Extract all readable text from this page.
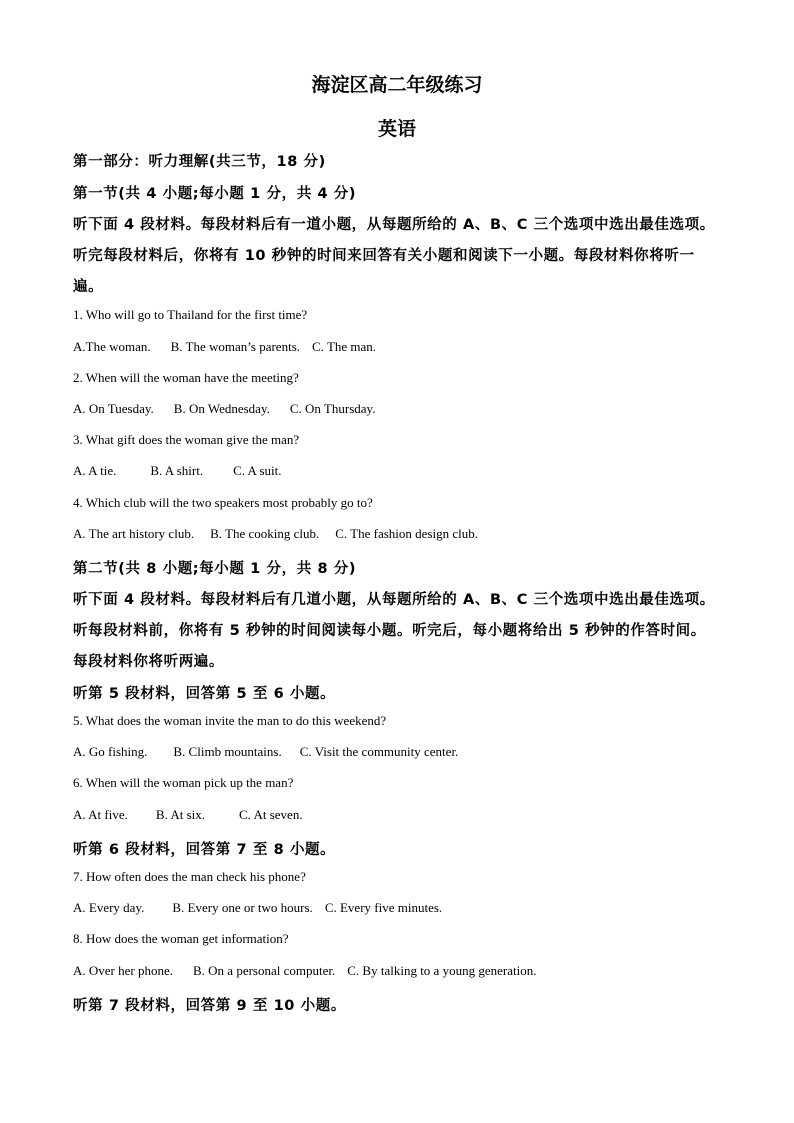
海淀区高二年级练习
英语
第一部分：听力理解(共三节，18 分)
第一节(共 4 小题;每小题 1 分，共 4 分)
听下面 4 段材料。每段材料后有一道小题，从每题所给的 A、B、C 三个选项中选出最佳选项。
听完每段材料后，你将有 10 秒钟的时间来回答有关小题和阅读下一小题。每段材料你将听一
遍。
1. Who will go to Thailand for the first time?
A.The woman. B. The woman’s parents. C. The man.
2. When will the woman have the meeting?
A. On Tuesday. B. On Wednesday. C. On Thursday.
3. What gift does the woman give the man?
A. A tie.	B. A shirt. C. A suit.
4. Which club will the two speakers most probably go to?
A. The art history club. B. The cooking club. C. The fashion design club.
第二节(共 8 小题;每小题 1 分，共 8 分)
听下面 4 段材料。每段材料后有几道小题，从每题所给的 A、B、C 三个选项中选出最佳选项。
听每段材料前，你将有 5 秒钟的时间阅读每小题。听完后，每小题将给出 5 秒钟的作答时间。
每段材料你将听两遍。
听第 5 段材料，回答第 5 至 6 小题。
5. What does the woman invite the man to do this weekend?
A. Go fishing. B. Climb mountains. C. Visit the community center.
6. When will the woman pick up the man?
A. At five. B. At six.	C. At seven.
听第 6 段材料，回答第 7 至 8 小题。
7. How often does the man check his phone?
A. Every day. B. Every one or two hours. C. Every five minutes.
8. How does the woman get information?
A. Over her phone. B. On a personal computer. C. By talking to a young generation.
听第 7 段材料，回答第 9 至 10 小题。
